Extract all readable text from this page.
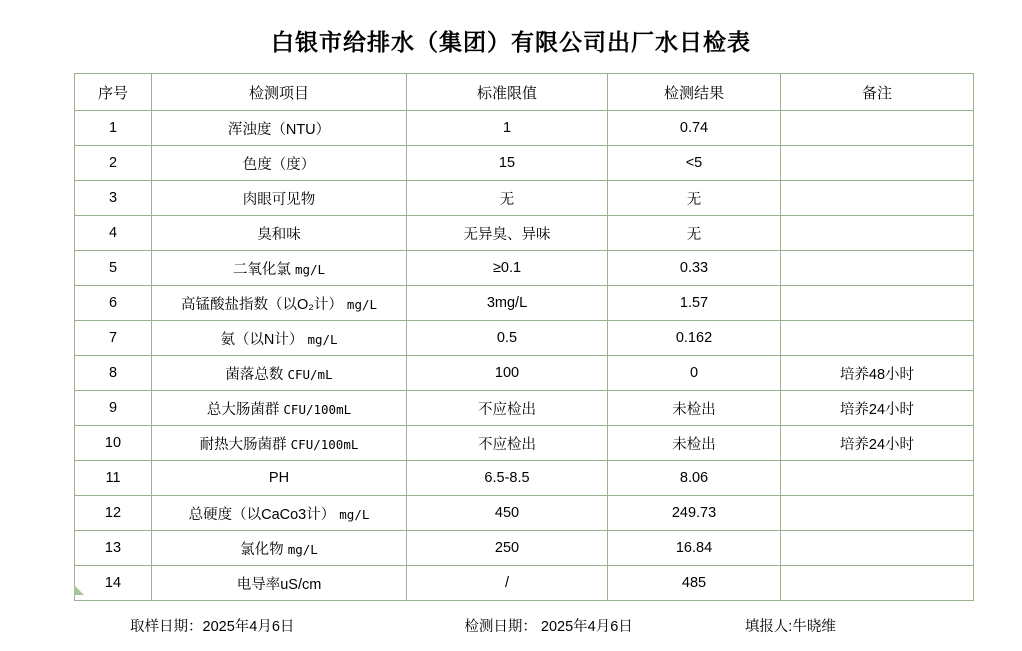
白银市给排水（集团）有限公司出厂水日检表
序号	检测项目	标准限值	检测结果	备注
1	浑浊度（NTU）	1	0.74	
2	色度（度）	15	<5	
3	肉眼可见物	无	无	
4	臭和味	无异臭、异味	无	
5	二氧化氯 mg/L	≥0.1	0.33	
6	高锰酸盐指数（以O₂计） mg/L	3mg/L	1.57	
7	氨（以N计） mg/L	0.5	0.162	
8	菌落总数 CFU/mL	100	0	培养48小时
9	总大肠菌群 CFU/100mL	不应检出	未检出	培养24小时
10	耐热大肠菌群 CFU/100mL	不应检出	未检出	培养24小时
11	PH	6.5-8.5	8.06	
12	总硬度（以CaCo3计） mg/L	450	249.73	
13	氯化物 mg/L	250	16.84	
14	电导率uS/cm	/	485	
取样日期：2025年4月6日	检测日期： 2025年4月6日	填报人:牛晓维
